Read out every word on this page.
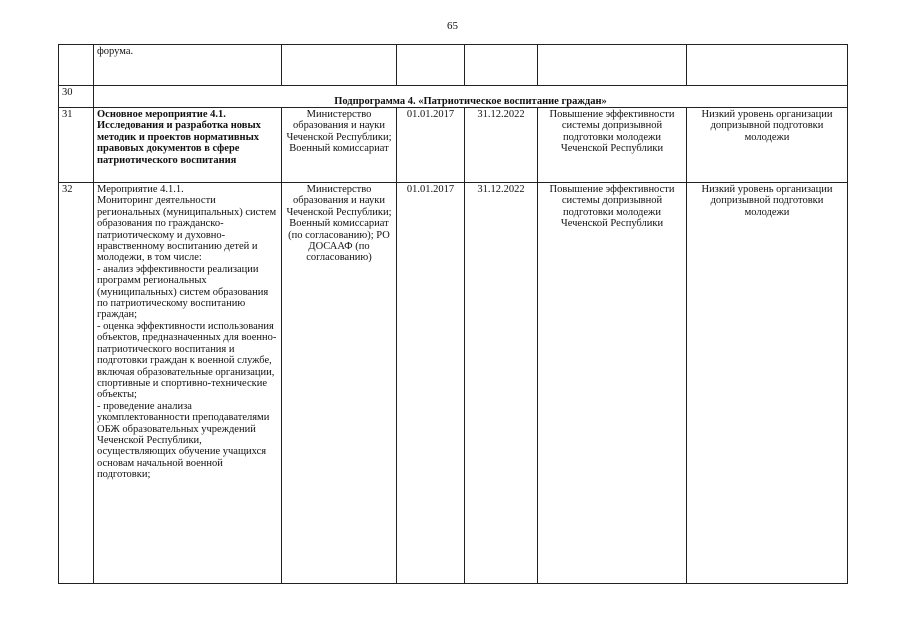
65
	форума.					
30	Подпрограмма 4. «Патриотическое воспитание граждан»					
31	Основное мероприятие 4.1. Исследования и разработка новых методик и проектов нормативных правовых документов в сфере патриотического воспитания	Министерство образования и науки Чеченской Республики; Военный комиссариат	01.01.2017	31.12.2022	Повышение эффективности системы допризывной подготовки молодежи Чеченской Республики	Низкий уровень организации допризывной подготовки молодежи
32	Мероприятие 4.1.1.
Мониторинг деятельности региональных (муниципальных) систем образования по гражданско-патриотическому и духовно-нравственному воспитанию детей и молодежи, в том числе:
- анализ эффективности реализации программ региональных (муниципальных) систем образования по патриотическому воспитанию граждан;
- оценка эффективности использования объектов, предназначенных для военно-патриотического воспитания и подготовки граждан к военной службе, включая образовательные организации, спортивные и спортивно-технические объекты;
- проведение анализа укомплектованности преподавателями ОБЖ образовательных учреждений Чеченской Республики, осуществляющих обучение учащихся основам начальной военной подготовки;	Министерство образования и науки Чеченской Республики; Военный комиссариат (по согласованию); РО ДОСААФ (по согласованию)	01.01.2017	31.12.2022	Повышение эффективности системы допризывной подготовки молодежи Чеченской Республики	Низкий уровень организации допризывной подготовки молодежи
